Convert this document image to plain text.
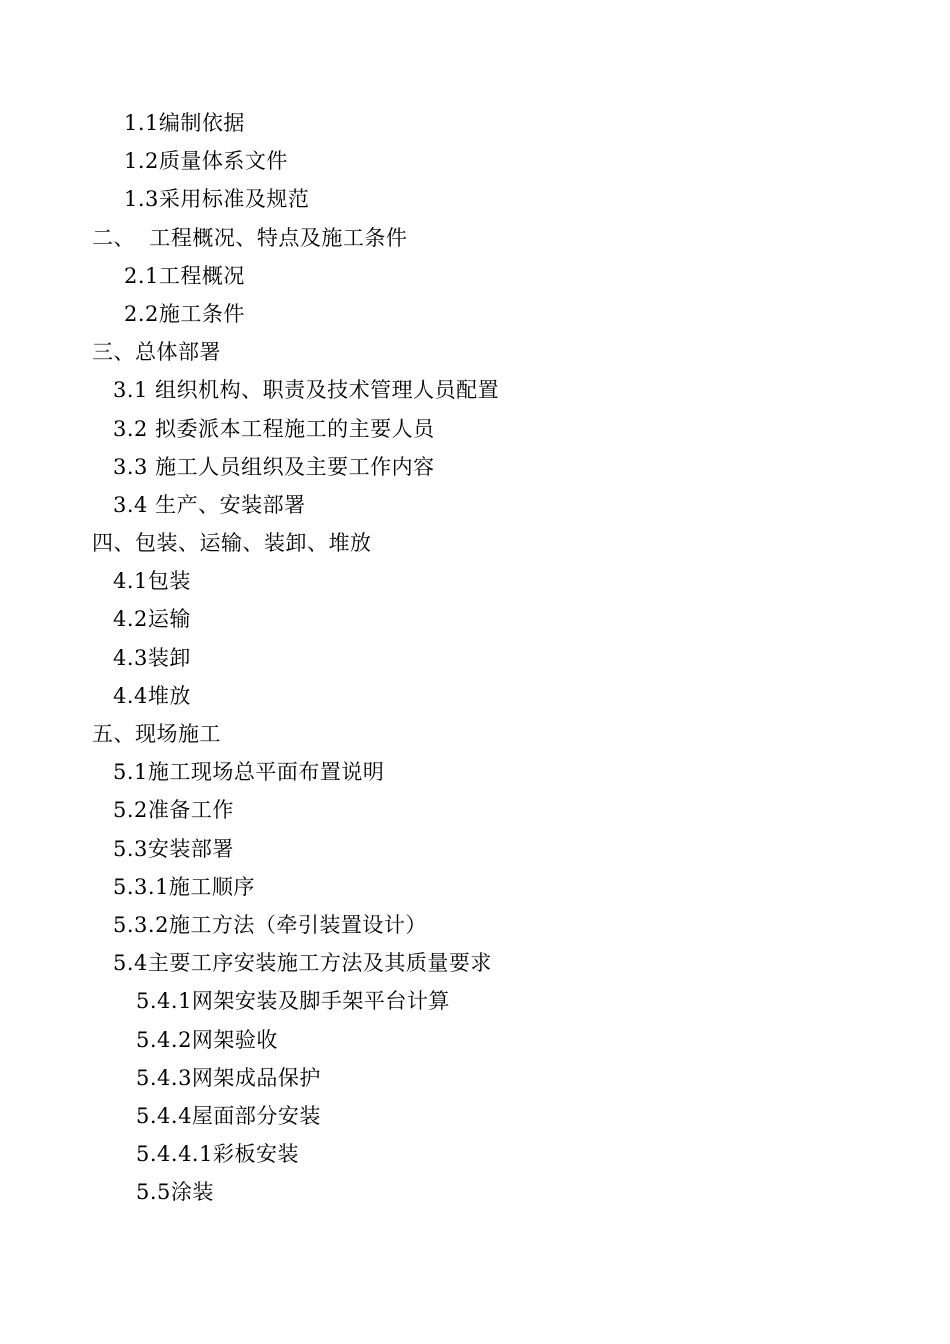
1.1编制依据
1.2质量体系文件
1.3采用标准及规范
二、  工程概况、特点及施工条件
2.1工程概况
2.2施工条件
三、总体部署
3.1 组织机构、职责及技术管理人员配置
3.2 拟委派本工程施工的主要人员
3.3 施工人员组织及主要工作内容
3.4 生产、安装部署
四、包装、运输、装卸、堆放
4.1包装
4.2运输
4.3装卸
4.4堆放
五、现场施工
5.1施工现场总平面布置说明
5.2准备工作
5.3安装部署
5.3.1施工顺序
5.3.2施工方法（牵引装置设计）
5.4主要工序安装施工方法及其质量要求
5.4.1网架安装及脚手架平台计算
5.4.2网架验收
5.4.3网架成品保护
5.4.4屋面部分安装
5.4.4.1彩板安装
5.5涂装
